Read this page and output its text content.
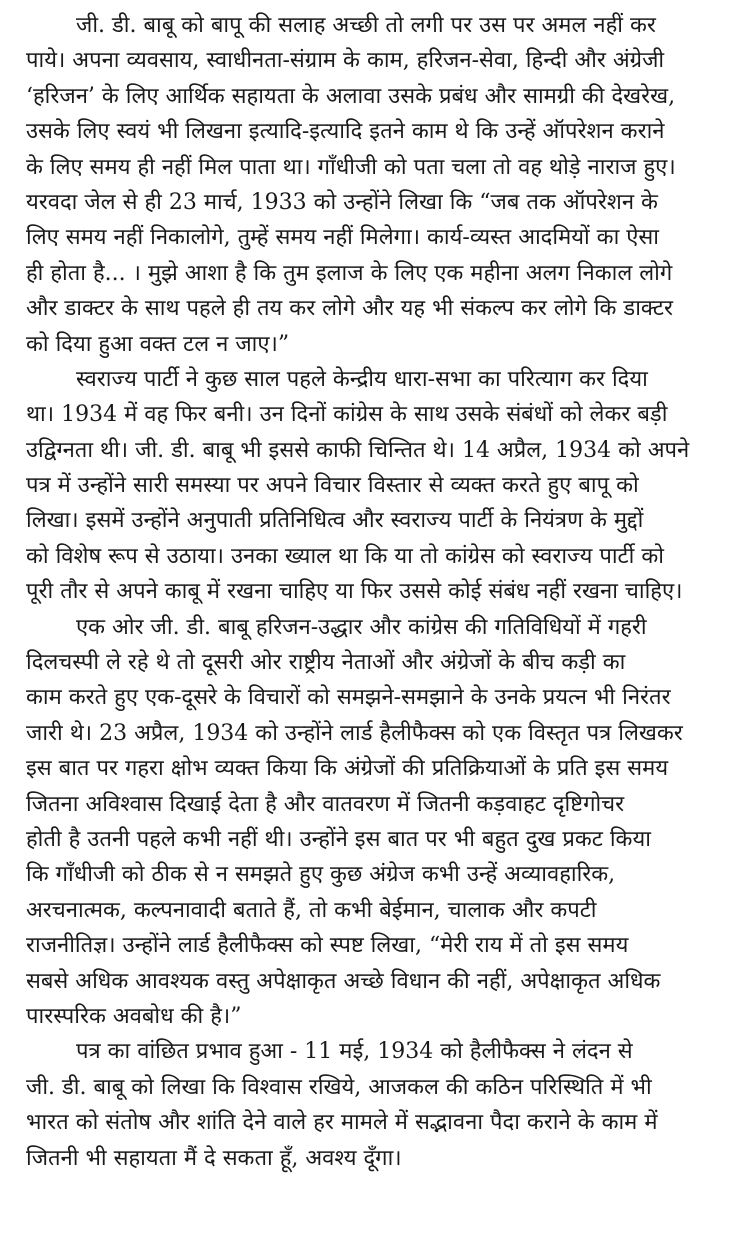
जी. डी. बाबू को बापू की सलाह अच्छी तो लगी पर उस पर अमल नहीं कर
पाये। अपना व्यवसाय, स्वाधीनता-संग्राम के काम, हरिजन-सेवा, हिन्दी और अंग्रेजी
‘हरिजन’ के लिए आर्थिक सहायता के अलावा उसके प्रबंध और सामग्री की देखरेख,
उसके लिए स्वयं भी लिखना इत्यादि-इत्यादि इतने काम थे कि उन्हें ऑपरेशन कराने
के लिए समय ही नहीं मिल पाता था। गाँधीजी को पता चला तो वह थोड़े नाराज हुए।
यरवदा जेल से ही 23 मार्च, 1933 को उन्होंने लिखा कि “जब तक ऑपरेशन के
लिए समय नहीं निकालोगे, तुम्हें समय नहीं मिलेगा। कार्य-व्यस्त आदमियों का ऐसा
ही होता है... । मुझे आशा है कि तुम इलाज के लिए एक महीना अलग निकाल लोगे
और डाक्टर के साथ पहले ही तय कर लोगे और यह भी संकल्प कर लोगे कि डाक्टर
को दिया हुआ वक्त टल न जाए।”
स्वराज्य पार्टी ने कुछ साल पहले केन्द्रीय धारा-सभा का परित्याग कर दिया
था। 1934 में वह फिर बनी। उन दिनों कांग्रेस के साथ उसके संबंधों को लेकर बड़ी
उद्विग्नता थी। जी. डी. बाबू भी इससे काफी चिन्तित थे। 14 अप्रैल, 1934 को अपने
पत्र में उन्होंने सारी समस्या पर अपने विचार विस्तार से व्यक्त करते हुए बापू को
लिखा। इसमें उन्होंने अनुपाती प्रतिनिधित्व और स्वराज्य पार्टी के नियंत्रण के मुद्दों
को विशेष रूप से उठाया। उनका ख्याल था कि या तो कांग्रेस को स्वराज्य पार्टी को
पूरी तौर से अपने काबू में रखना चाहिए या फिर उससे कोई संबंध नहीं रखना चाहिए।
एक ओर जी. डी. बाबू हरिजन-उद्धार और कांग्रेस की गतिविधियों में गहरी
दिलचस्पी ले रहे थे तो दूसरी ओर राष्ट्रीय नेताओं और अंग्रेजों के बीच कड़ी का
काम करते हुए एक-दूसरे के विचारों को समझने-समझाने के उनके प्रयत्न भी निरंतर
जारी थे। 23 अप्रैल, 1934 को उन्होंने लार्ड हैलीफैक्स को एक विस्तृत पत्र लिखकर
इस बात पर गहरा क्षोभ व्यक्त किया कि अंग्रेजों की प्रतिक्रियाओं के प्रति इस समय
जितना अविश्वास दिखाई देता है और वातवरण में जितनी कड़वाहट दृष्टिगोचर
होती है उतनी पहले कभी नहीं थी। उन्होंने इस बात पर भी बहुत दुख प्रकट किया
कि गाँधीजी को ठीक से न समझते हुए कुछ अंग्रेज कभी उन्हें अव्यावहारिक,
अरचनात्मक, कल्पनावादी बताते हैं, तो कभी बेईमान, चालाक और कपटी
राजनीतिज्ञ। उन्होंने लार्ड हैलीफैक्स को स्पष्ट लिखा, “मेरी राय में तो इस समय
सबसे अधिक आवश्यक वस्तु अपेक्षाकृत अच्छे विधान की नहीं, अपेक्षाकृत अधिक
पारस्परिक अवबोध की है।”
पत्र का वांछित प्रभाव हुआ - 11 मई, 1934 को हैलीफैक्स ने लंदन से
जी. डी. बाबू को लिखा कि विश्वास रखिये, आजकल की कठिन परिस्थिति में भी
भारत को संतोष और शांति देने वाले हर मामले में सद्भावना पैदा कराने के काम में
जितनी भी सहायता मैं दे सकता हूँ, अवश्य दूँगा।
